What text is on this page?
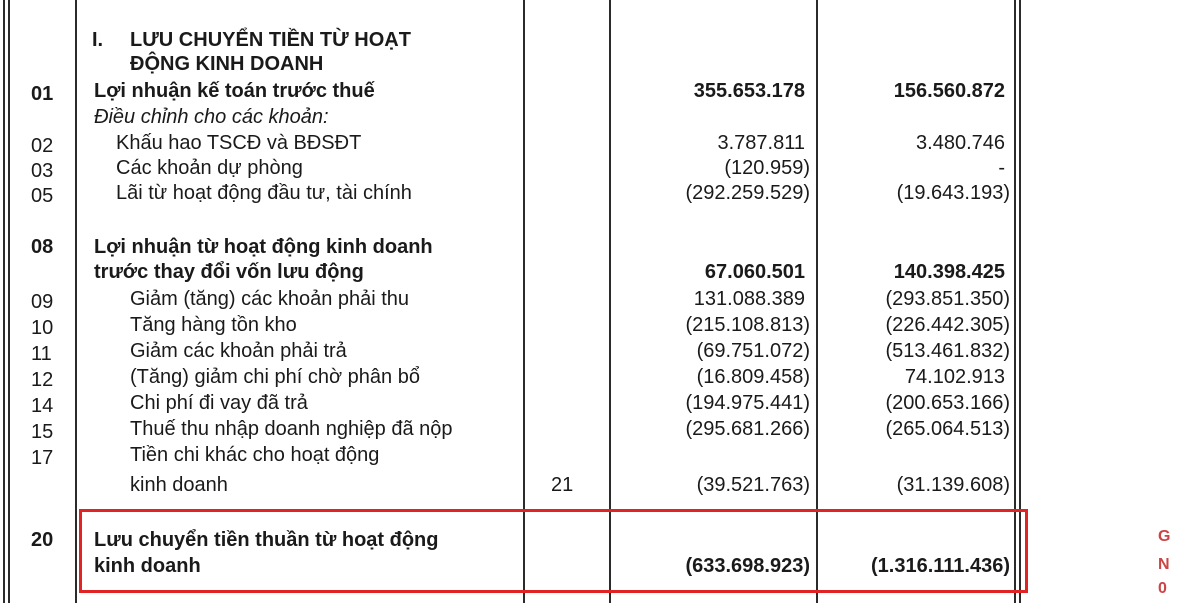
I. LƯU CHUYỂN TIỀN TỪ HOẠT
ĐỘNG KINH DOANH
01 Lợi nhuận kế toán trước thuế	355.653.178	156.560.872
Điều chỉnh cho các khoản:
02	Khấu hao TSCĐ và BĐSĐT	3.787.811	3.480.746
03	Các khoản dự phòng	(120.959)	-
05	Lãi từ hoạt động đầu tư, tài chính	(292.259.529)	(19.643.193)
08 Lợi nhuận từ hoạt động kinh doanh
trước thay đổi vốn lưu động	67.060.501	140.398.425
09	Giảm (tăng) các khoản phải thu	131.088.389	(293.851.350)
10	Tăng hàng tồn kho	(215.108.813)	(226.442.305)
11	Giảm các khoản phải trả	(69.751.072)	(513.461.832)
12	(Tăng) giảm chi phí chờ phân bổ	(16.809.458)	74.102.913
14	Chi phí đi vay đã trả	(194.975.441)	(200.653.166)
15	Thuế thu nhập doanh nghiệp đã nộp	(295.681.266)	(265.064.513)
17	Tiền chi khác cho hoạt động
kinh doanh	21	(39.521.763)	(31.139.608)
20 Lưu chuyển tiền thuần từ hoạt động
kinh doanh	(633.698.923)	(1.316.111.436)
G
N
0
